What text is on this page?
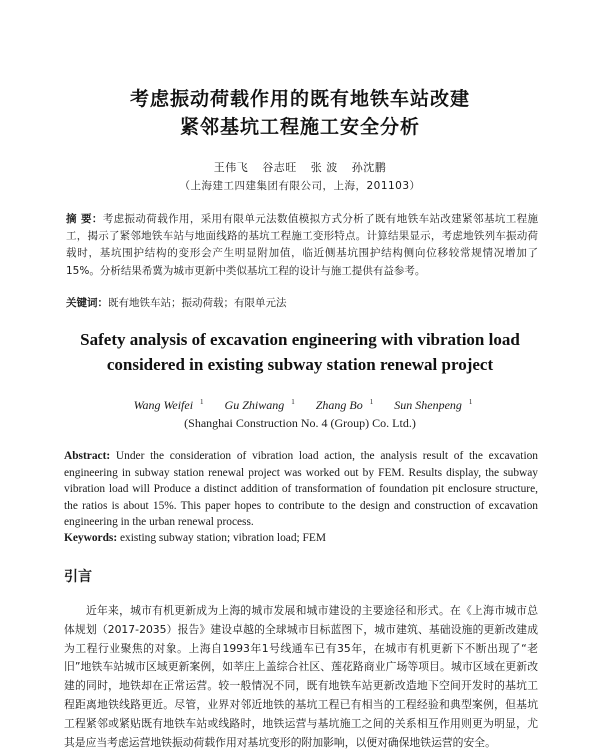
考虑振动荷载作用的既有地铁车站改建
紧邻基坑工程施工安全分析
王伟飞 谷志旺 张 波 孙沈鹏
（上海建工四建集团有限公司，上海，201103）
摘 要：考虑振动荷载作用，采用有限单元法数值模拟方式分析了既有地铁车站改建紧邻基坑工程施工，揭示了紧邻地铁车站与地面线路的基坑工程施工变形特点。计算结果显示，考虑地铁列车振动荷载时，基坑围护结构的变形会产生明显附加值，临近侧基坑围护结构侧向位移较常规情况增加了15%。分析结果希冀为城市更新中类似基坑工程的设计与施工提供有益参考。
关键词：既有地铁车站；振动荷载；有限单元法
Safety analysis of excavation engineering with vibration load
considered in existing subway station renewal project
Wang Weifei $^1$ Gu Zhiwang $^1$ Zhang Bo $^1$ Sun Shenpeng $^1$
(Shanghai Construction No. 4 (Group) Co. Ltd.)
Abstract: Under the consideration of vibration load action, the analysis result of the excavation engineering in subway station renewal project was worked out by FEM. Results display, the subway vibration load will Produce a distinct addition of transformation of foundation pit enclosure structure, the ratios is about 15%. This paper hopes to contribute to the design and construction of excavation engineering in the urban renewal process.
Keywords: existing subway station; vibration load; FEM
引言
近年来，城市有机更新成为上海的城市发展和城市建设的主要途径和形式。在《上海市城市总体规划（2017-2035）报告》建设卓越的全球城市目标蓝图下，城市建筑、基础设施的更新改建成为工程行业聚焦的对象。上海自1993年1号线通车已有35年，在城市有机更新下不断出现了“老旧”地铁车站城市区域更新案例，如莘庄上盖综合社区、莲花路商业广场等项目。城市区域在更新改建的同时，地铁却在正常运营。较一般情况不同，既有地铁车站更新改造地下空间开发时的基坑工程距离地铁线路更近。尽管，业界对邻近地铁的基坑工程已有相当的工程经验和典型案例，但基坑工程紧邻或紧贴既有地铁车站或线路时，地铁运营与基坑施工之间的关系相互作用则更为明显，尤其是应当考虑运营地铁振动荷载作用对基坑变形的附加影响，以便对确保地铁运营的安全。
